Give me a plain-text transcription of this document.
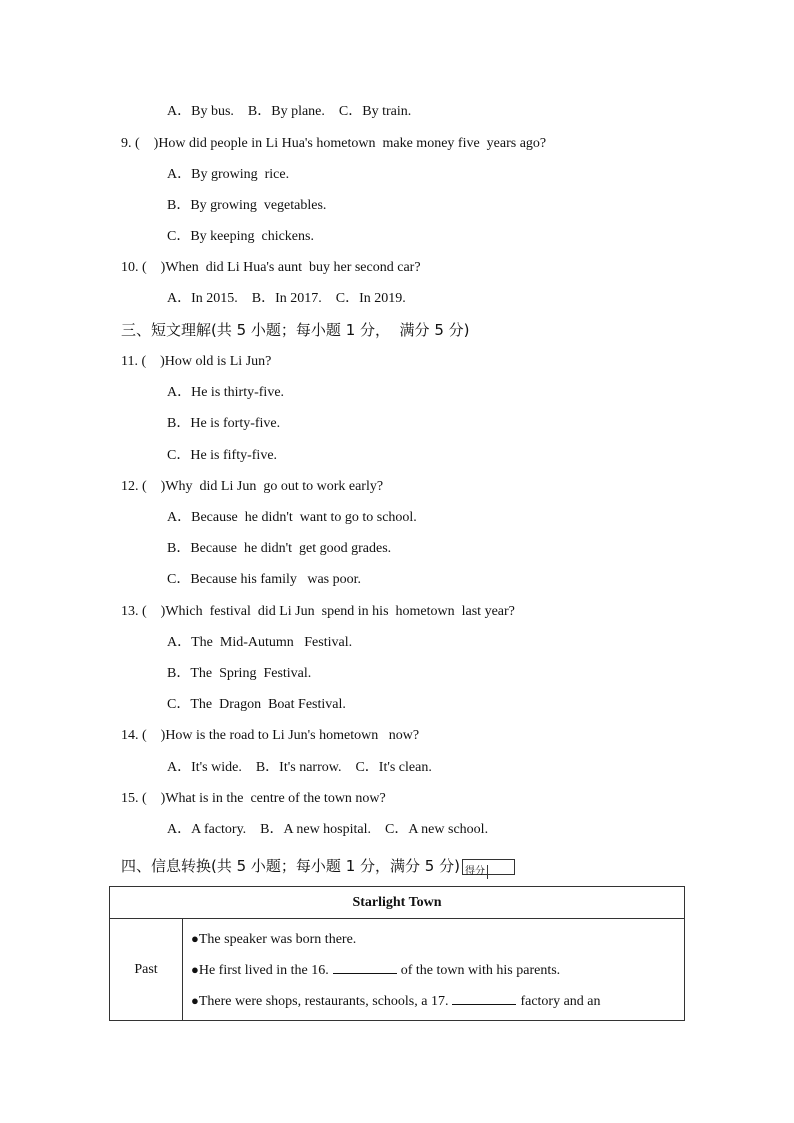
A．By bus.    B．By plane.    C．By train.
9. (    )How did people in Li Hua's hometown  make money five  years ago?
A．By growing  rice.
B．By growing  vegetables.
C．By keeping  chickens.
10. (    )When  did Li Hua's aunt  buy her second car?
A．In 2015.    B．In 2017.    C．In 2019.
三、短文理解(共 5 小题；每小题 1 分，  满分 5 分)
11. (    )How old is Li Jun?
A．He is thirty-five.
B．He is forty-five.
C．He is fifty-five.
12. (    )Why  did Li Jun  go out to work early?
A．Because  he didn't  want to go to school.
B．Because  he didn't  get good grades.
C．Because his family   was poor.
13. (    )Which  festival  did Li Jun  spend in his  hometown  last year?
A．The  Mid-Autumn   Festival.
B．The  Spring  Festival.
C．The  Dragon  Boat Festival.
14. (    )How is the road to Li Jun's hometown   now?
A．It's wide.    B．It's narrow.    C．It's clean.
15. (    )What is in the  centre of the town now?
A．A factory.    B．A new hospital.    C．A new school.
四、信息转换(共 5 小题；每小题 1 分，满分 5 分) 得分
Starlight Town
Past	
●The speaker was born there.
●He first lived in the 16.	of the town with his parents.
●There were shops, restaurants, schools, a 17.	factory and an
